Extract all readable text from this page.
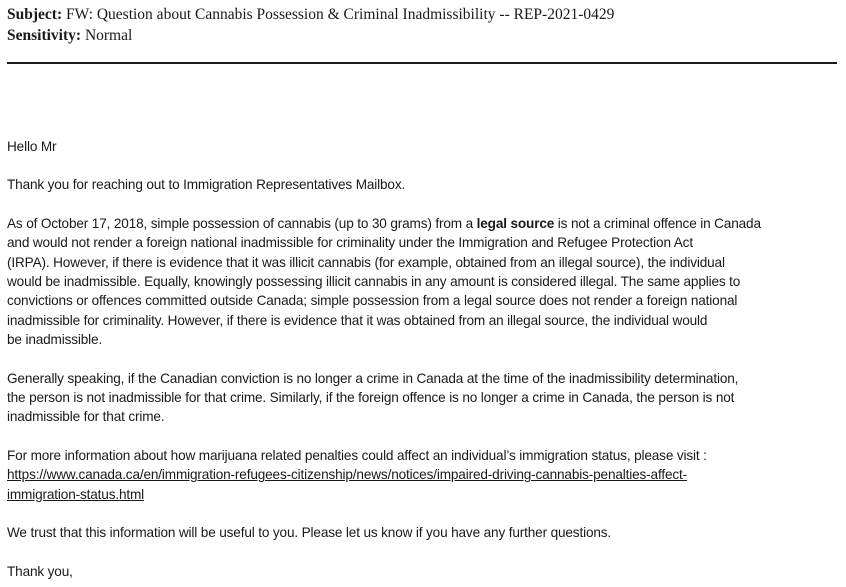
Subject: FW: Question about Cannabis Possession & Criminal Inadmissibility -- REP-2021-0429
Sensitivity: Normal

Hello Mr

Thank you for reaching out to Immigration Representatives Mailbox.

As of October 17, 2018, simple possession of cannabis (up to 30 grams) from a legal source is not a criminal offence in Canada
and would not render a foreign national inadmissible for criminality under the Immigration and Refugee Protection Act
(IRPA). However, if there is evidence that it was illicit cannabis (for example, obtained from an illegal source), the individual
would be inadmissible. Equally, knowingly possessing illicit cannabis in any amount is considered illegal. The same applies to
convictions or offences committed outside Canada; simple possession from a legal source does not render a foreign national
inadmissible for criminality. However, if there is evidence that it was obtained from an illegal source, the individual would
be inadmissible.
Generally speaking, if the Canadian conviction is no longer a crime in Canada at the time of the inadmissibility determination,
the person is not inadmissible for that crime. Similarly, if the foreign offence is no longer a crime in Canada, the person is not
inadmissible for that crime.
For more information about how marijuana related penalties could affect an individual’s immigration status, please visit :
https://www.canada.ca/en/immigration-refugees-citizenship/news/notices/impaired-driving-cannabis-penalties-affect-
immigration-status.html

We trust that this information will be useful to you. Please let us know if you have any further questions.

Thank you,
